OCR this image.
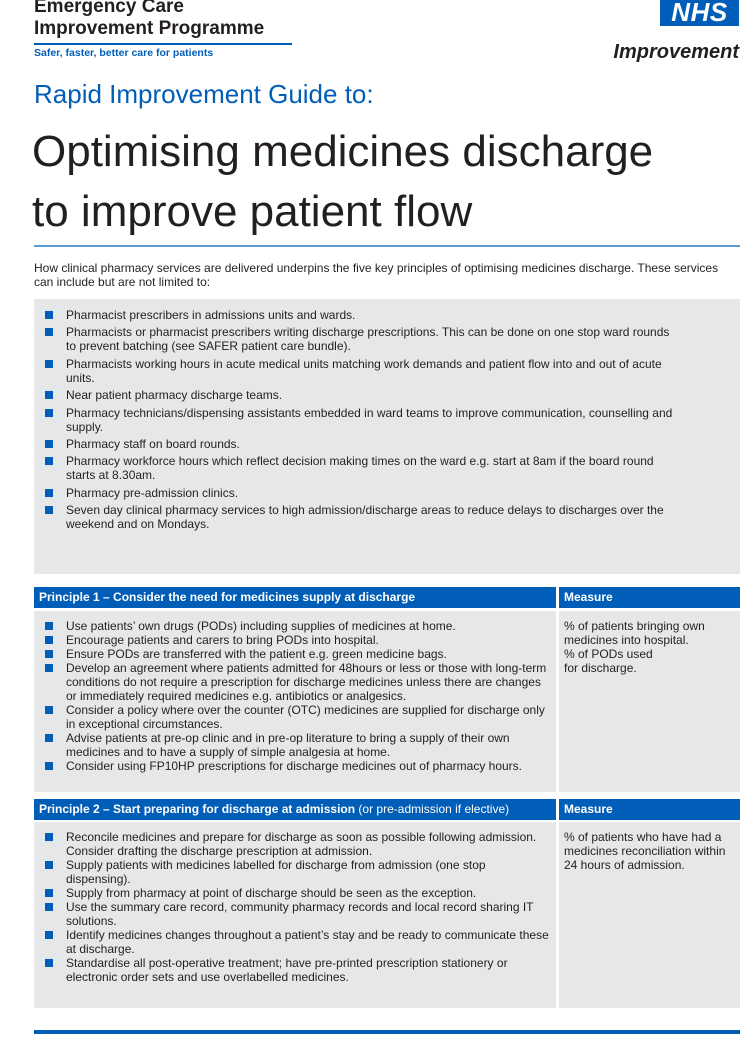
Emergency Care
Improvement Programme
Safer, faster, better care for patients
NHS
Improvement
Rapid Improvement Guide to:
Optimising medicines discharge
to improve patient flow
How clinical pharmacy services are delivered underpins the five key principles of optimising medicines discharge. These services can include but are not limited to:
Pharmacist prescribers in admissions units and wards.
Pharmacists or pharmacist prescribers writing discharge prescriptions. This can be done on one stop ward rounds to prevent batching (see SAFER patient care bundle).
Pharmacists working hours in acute medical units matching work demands and patient flow into and out of acute units.
Near patient pharmacy discharge teams.
Pharmacy technicians/dispensing assistants embedded in ward teams to improve communication, counselling and supply.
Pharmacy staff on board rounds.
Pharmacy workforce hours which reflect decision making times on the ward e.g. start at 8am if the board round starts at 8.30am.
Pharmacy pre-admission clinics.
Seven day clinical pharmacy services to high admission/discharge areas to reduce delays to discharges over the weekend and on Mondays.
Principle 1 – Consider the need for medicines supply at discharge	Measure
Use patients’ own drugs (PODs) including supplies of medicines at home.
Encourage patients and carers to bring PODs into hospital.
Ensure PODs are transferred with the patient e.g. green medicine bags.
Develop an agreement where patients admitted for 48hours or less or those with long-term conditions do not require a prescription for discharge medicines unless there are changes or immediately required medicines e.g. antibiotics or analgesics.
Consider a policy where over the counter (OTC) medicines are supplied for discharge only in exceptional circumstances.
Advise patients at pre-op clinic and in pre-op literature to bring a supply of their own medicines and to have a supply of simple analgesia at home.
Consider using FP10HP prescriptions for discharge medicines out of pharmacy hours.
% of patients bringing own
medicines into hospital.
% of PODs used
for discharge.
Principle 2 – Start preparing for discharge at admission (or pre-admission if elective)	Measure
Reconcile medicines and prepare for discharge as soon as possible following admission. Consider drafting the discharge prescription at admission.
Supply patients with medicines labelled for discharge from admission (one stop dispensing).
Supply from pharmacy at point of discharge should be seen as the exception.
Use the summary care record, community pharmacy records and local record sharing IT solutions.
Identify medicines changes throughout a patient’s stay and be ready to communicate these at discharge.
Standardise all post-operative treatment; have pre-printed prescription stationery or electronic order sets and use overlabelled medicines.
% of patients who have had a
medicines reconciliation within
24 hours of admission.
